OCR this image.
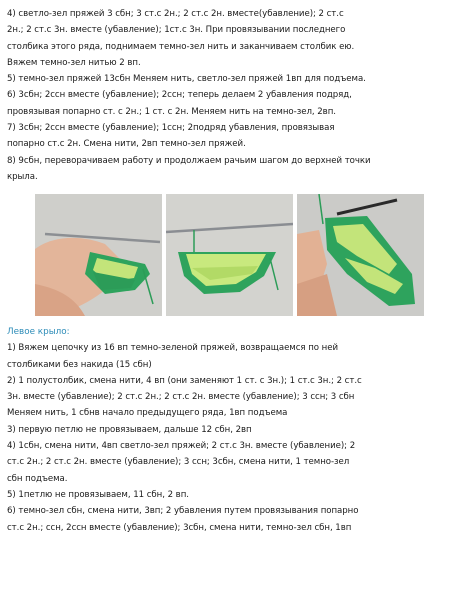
4) светло-зел пряжей 3 сбн; 3 ст.с 2н.; 2 ст.с 2н. вместе(убавление); 2 ст.с
2н.; 2 ст.с 3н. вместе (убавление); 1ст.с 3н. При провязывании последнего
столбика этого ряда, поднимаем темно-зел нить и заканчиваем столбик ею.
Вяжем темно-зел нитью 2 вп.
5) темно-зел пряжей 13сбн Меняем нить, светло-зел пряжей 1вп для подъема.
6) 3сбн; 2ссн вместе (убавление); 2ссн; теперь делаем 2 убавления подряд,
провязывая попарно ст. с 2н.; 1 ст. с 2н. Меняем нить на темно-зел, 2вп.
7) 3сбн; 2ссн вместе (убавление); 1ссн; 2подряд убавления, провязывая
попарно ст.с 2н. Смена нити, 2вп темно-зел пряжей.
8) 9сбн, переворачиваем работу и продолжаем рачьим шагом до верхней точки
крыла.
Левое крыло:
1) Вяжем цепочку из 16 вп темно-зеленой пряжей, возвращаемся по ней
столбиками без накида (15 сбн)
2) 1 полустолбик, смена нити, 4 вп (они заменяют 1 ст. с 3н.); 1 ст.с 3н.; 2 ст.с
3н. вместе (убавление); 2 ст.с 2н.; 2 ст.с 2н. вместе (убавление); 3 ссн; 3 сбн
Меняем нить, 1 сбнв начало предыдущего ряда, 1вп подъема
3) первую петлю не провязываем, дальше 12 сбн, 2вп
4) 1сбн, смена нити, 4вп светло-зел пряжей; 2 ст.с 3н. вместе (убавление); 2
ст.с 2н.; 2 ст.с 2н. вместе (убавление); 3 ссн; 3сбн, смена нити, 1 темно-зел
сбн подъема.
5) 1петлю не провязываем, 11 сбн, 2 вп.
6) темно-зел сбн, смена нити, 3вп; 2 убавления путем провязывания попарно
ст.с 2н.; ссн, 2ссн вместе (убавление); 3сбн, смена нити, темно-зел сбн, 1вп
